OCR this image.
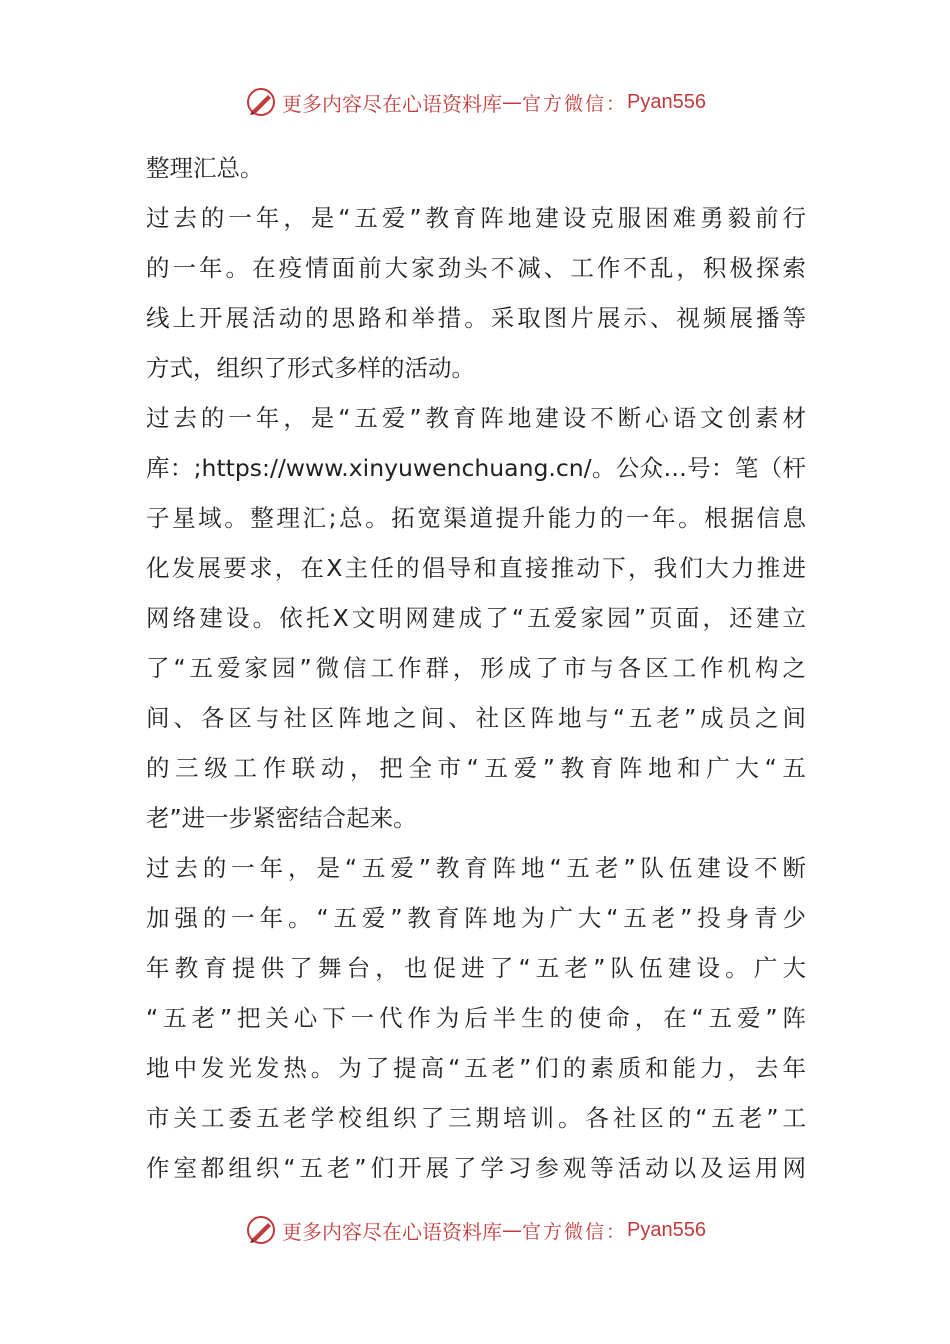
更多内容尽在心语资料库 — 官方微信： Pyan556
整理汇总。
过去的一年，是“五爱”教育阵地建设克服困难勇毅前行
的一年。在疫情面前大家劲头不减、工作不乱，积极探索
线上开展活动的思路和举措。采取图片展示、视频展播等
方式，组织了形式多样的活动。
过去的一年，是“五爱”教育阵地建设不断心语文创素材
库：;https://www.xinyuwenchuang.cn/。公众…号：笔（杆
子星域。整理汇;总。拓宽渠道提升能力的一年。根据信息
化发展要求，在X主任的倡导和直接推动下，我们大力推进
网络建设。依托X文明网建成了“五爱家园”页面，还建立
了“五爱家园”微信工作群，形成了市与各区工作机构之
间、各区与社区阵地之间、社区阵地与“五老”成员之间
的三级工作联动，把全市“五爱”教育阵地和广大“五
老”进一步紧密结合起来。
过去的一年，是“五爱”教育阵地“五老”队伍建设不断
加强的一年。“五爱”教育阵地为广大“五老”投身青少
年教育提供了舞台，也促进了“五老”队伍建设。广大
“五老”把关心下一代作为后半生的使命，在“五爱”阵
地中发光发热。为了提高“五老”们的素质和能力，去年
市关工委五老学校组织了三期培训。各社区的“五老”工
作室都组织“五老”们开展了学习参观等活动以及运用网
更多内容尽在心语资料库 — 官方微信： Pyan556
